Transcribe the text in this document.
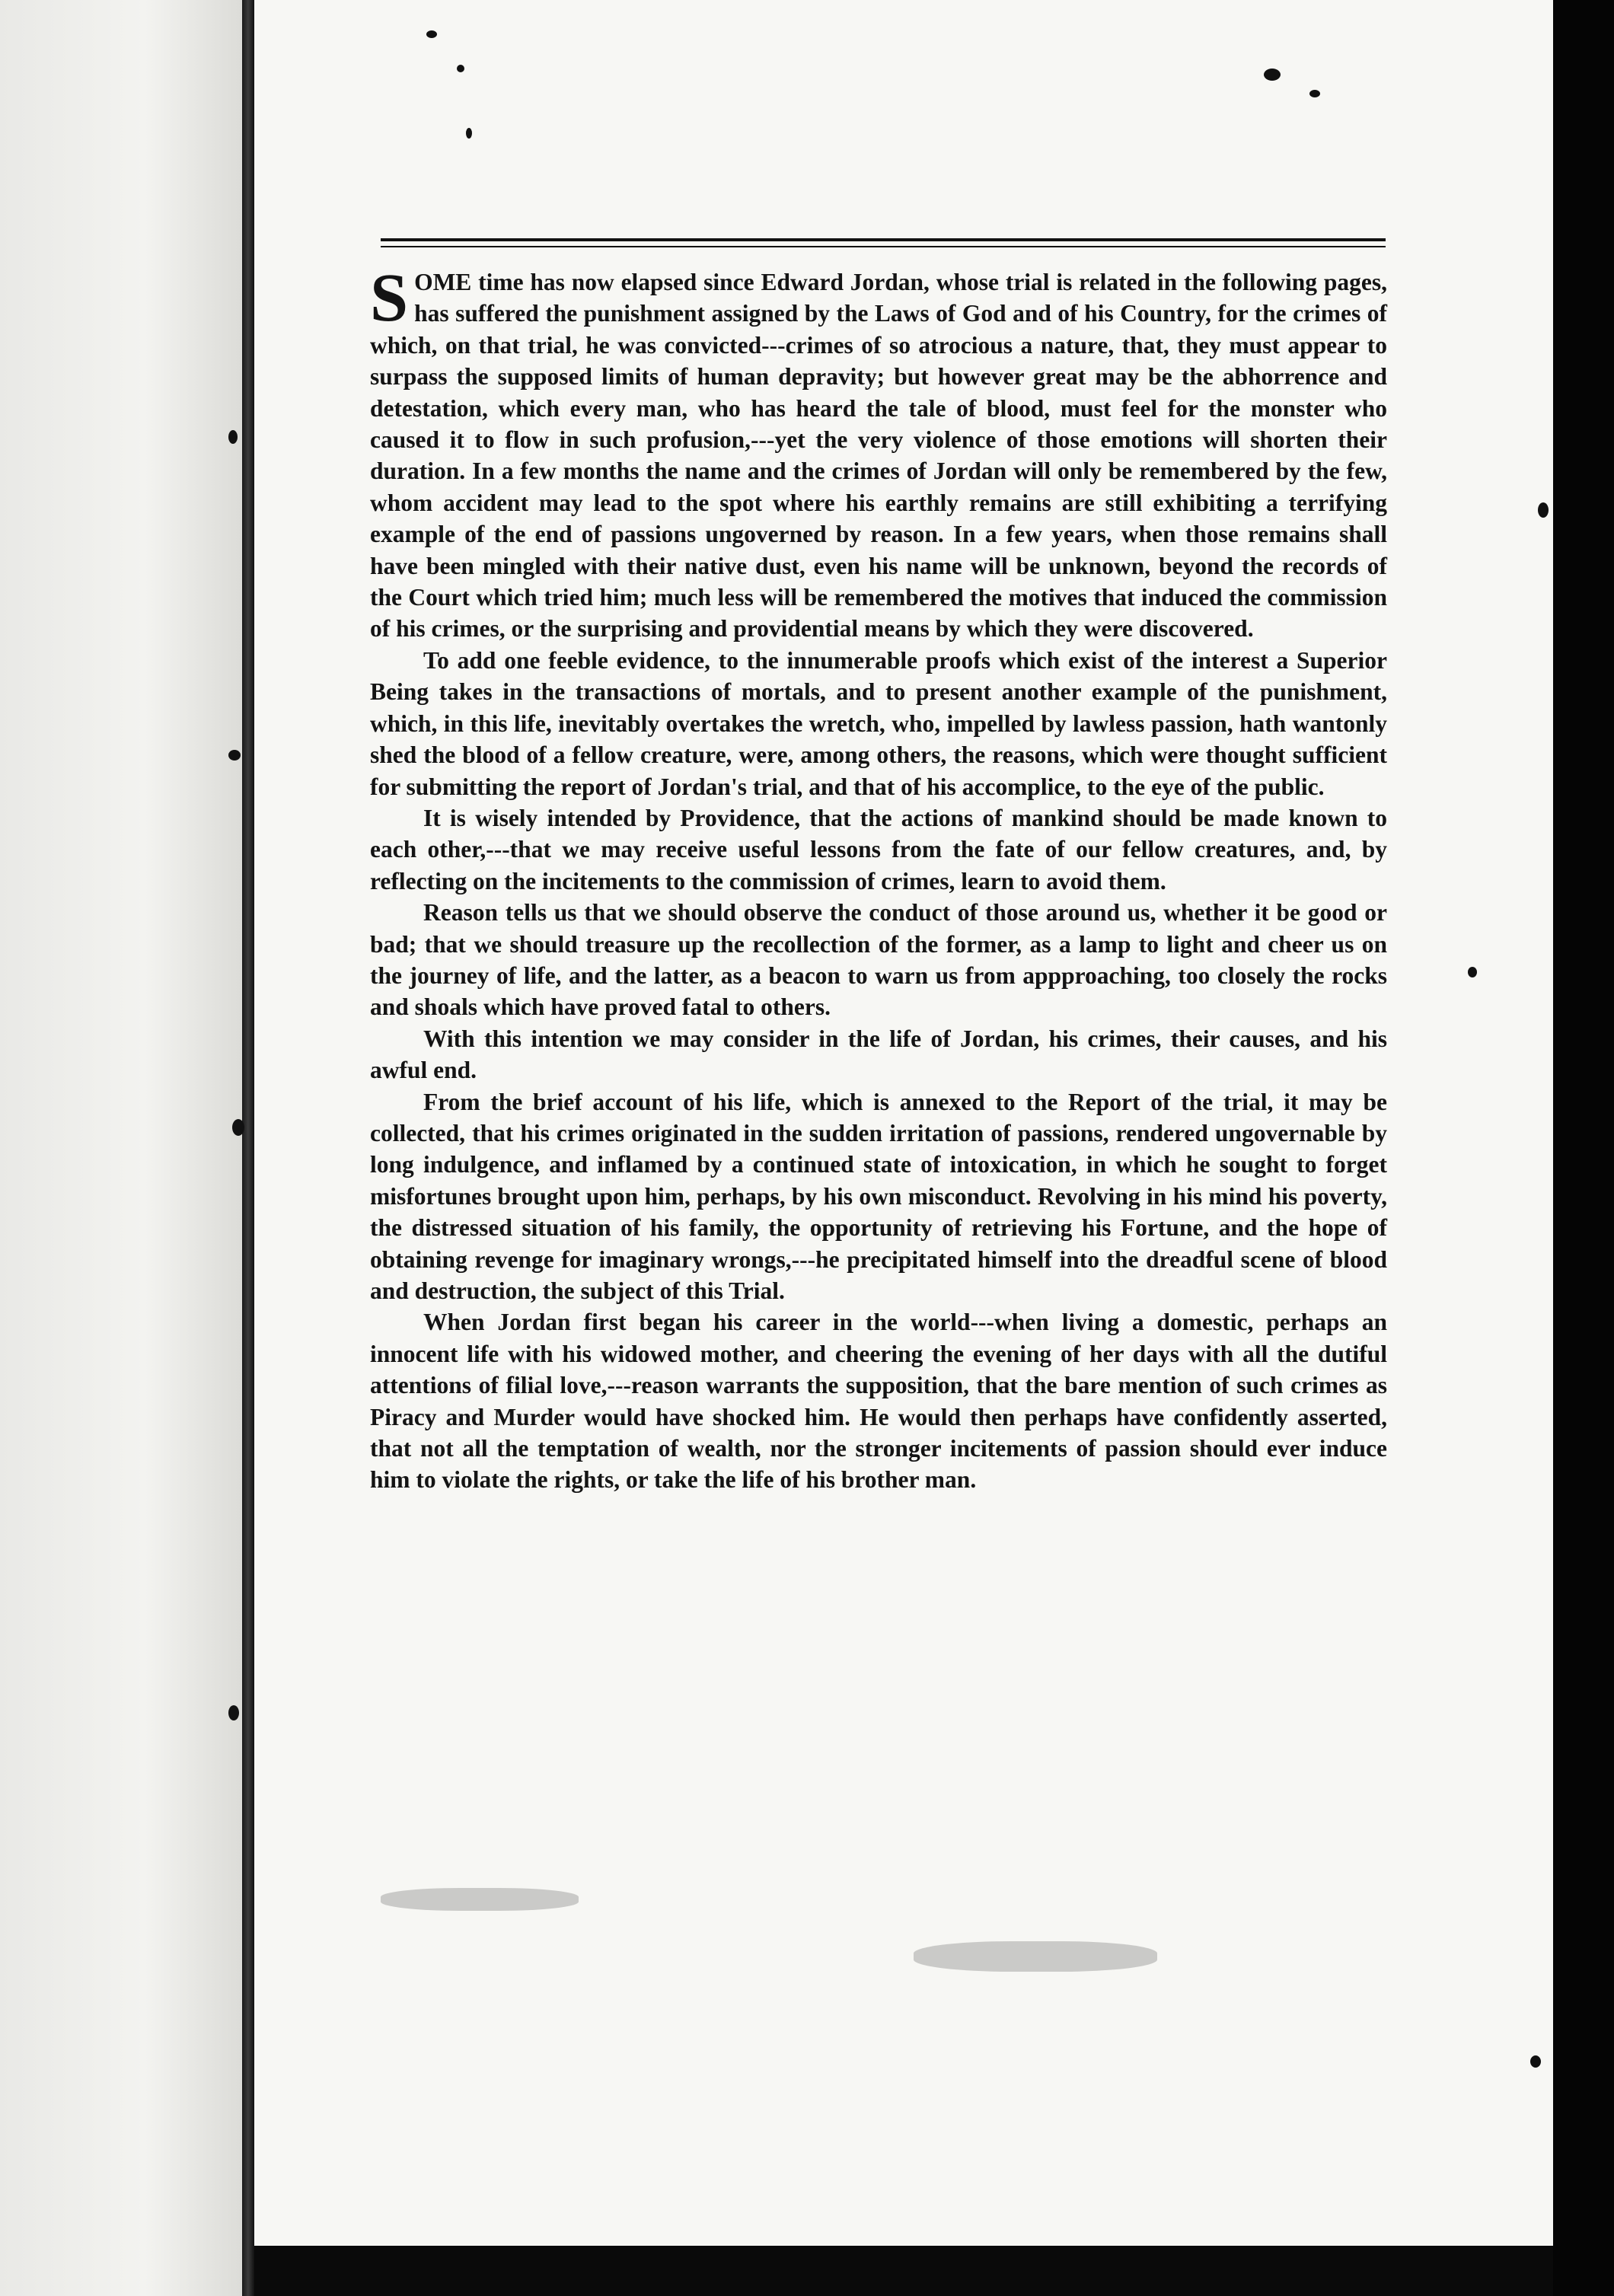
SOME time has now elapsed since Edward Jordan, whose trial is related in the following pages, has suffered the punishment assigned by the Laws of God and of his Country, for the crimes of which, on that trial, he was convicted---crimes of so atrocious a nature, that, they must appear to surpass the supposed limits of human depravity; but however great may be the abhorrence and detestation, which every man, who has heard the tale of blood, must feel for the monster who caused it to flow in such profusion,---yet the very violence of those emotions will shorten their duration. In a few months the name and the crimes of Jordan will only be remembered by the few, whom accident may lead to the spot where his earthly remains are still exhibiting a terrifying example of the end of passions ungoverned by reason. In a few years, when those remains shall have been mingled with their native dust, even his name will be unknown, beyond the records of the Court which tried him; much less will be remembered the motives that induced the commission of his crimes, or the surprising and providential means by which they were discovered.

To add one feeble evidence, to the innumerable proofs which exist of the interest a Superior Being takes in the transactions of mortals, and to present another example of the punishment, which, in this life, inevitably overtakes the wretch, who, impelled by lawless passion, hath wantonly shed the blood of a fellow creature, were, among others, the reasons, which were thought sufficient for submitting the report of Jordan's trial, and that of his accomplice, to the eye of the public.

It is wisely intended by Providence, that the actions of mankind should be made known to each other,---that we may receive useful lessons from the fate of our fellow creatures, and, by reflecting on the incitements to the commission of crimes, learn to avoid them.

Reason tells us that we should observe the conduct of those around us, whether it be good or bad; that we should treasure up the recollection of the former, as a lamp to light and cheer us on the journey of life, and the latter, as a beacon to warn us from appproaching, too closely the rocks and shoals which have proved fatal to others.

With this intention we may consider in the life of Jordan, his crimes, their causes, and his awful end.

From the brief account of his life, which is annexed to the Report of the trial, it may be collected, that his crimes originated in the sudden irritation of passions, rendered ungovernable by long indulgence, and inflamed by a continued state of intoxication, in which he sought to forget misfortunes brought upon him, perhaps, by his own misconduct. Revolving in his mind his poverty, the distressed situation of his family, the opportunity of retrieving his Fortune, and the hope of obtaining revenge for imaginary wrongs,---he precipitated himself into the dreadful scene of blood and destruction, the subject of this Trial.

When Jordan first began his career in the world---when living a domestic, perhaps an innocent life with his widowed mother, and cheering the evening of her days with all the dutiful attentions of filial love,---reason warrants the supposition, that the bare mention of such crimes as Piracy and Murder would have shocked him. He would then perhaps have confidently asserted, that not all the temptation of wealth, nor the stronger incitements of passion should ever induce him to violate the rights, or take the life of his brother man.
